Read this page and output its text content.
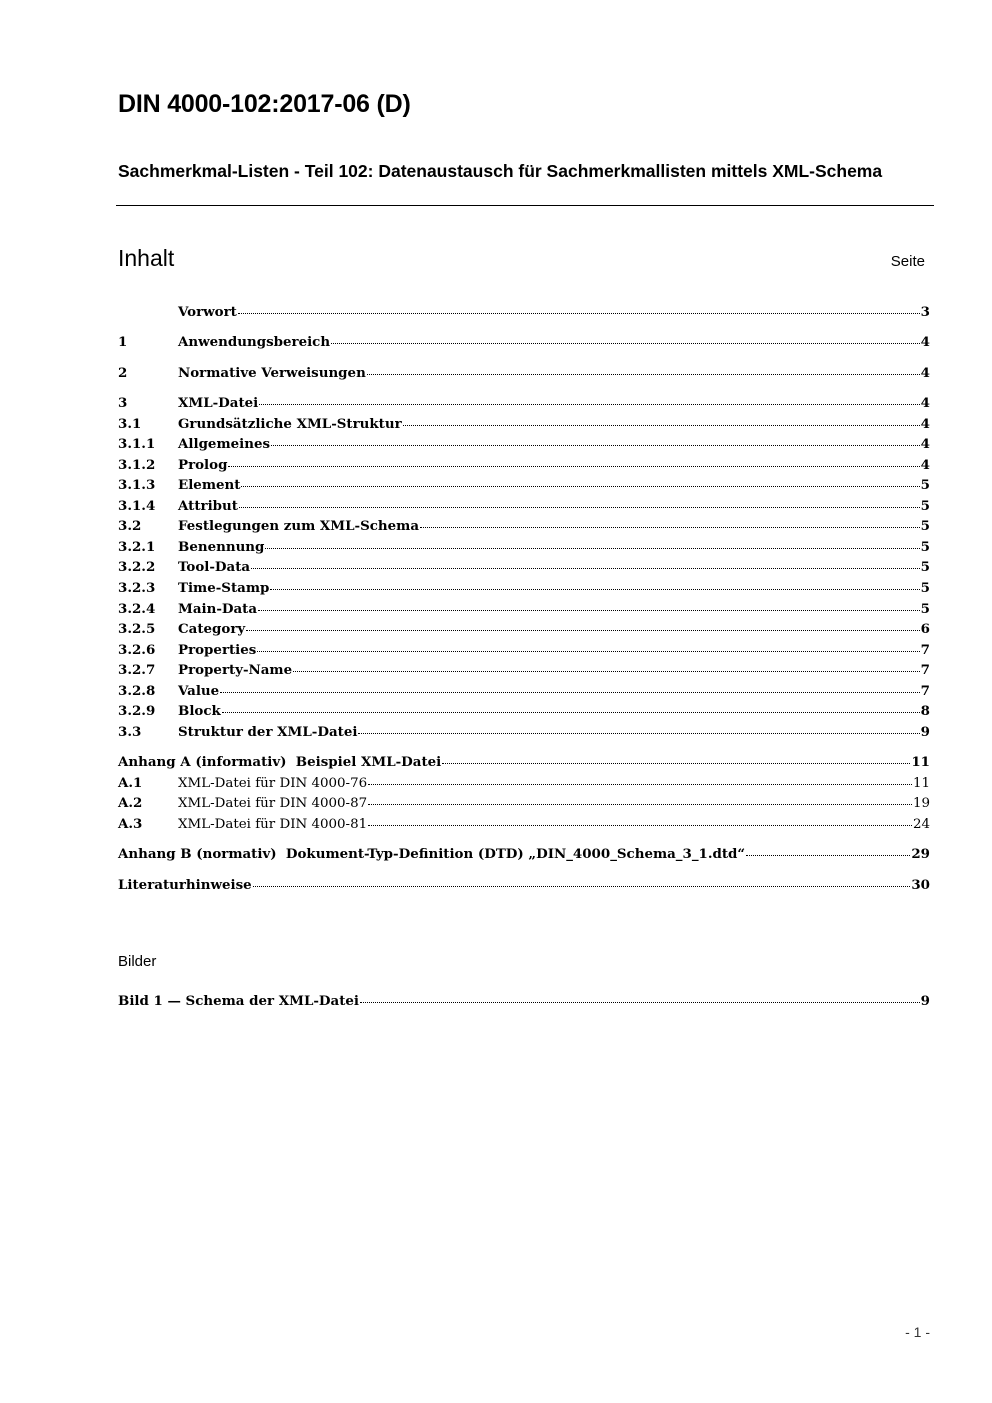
DIN 4000-102:2017-06 (D)
Sachmerkmal-Listen - Teil 102: Datenaustausch für Sachmerkmallisten mittels XML-Schema
Inhalt	Seite
Vorwort	3
1	Anwendungsbereich	4
2	Normative Verweisungen	4
3	XML-Datei	4
3.1	Grundsätzliche XML-Struktur	4
3.1.1	Allgemeines	4
3.1.2	Prolog	4
3.1.3	Element	5
3.1.4	Attribut	5
3.2	Festlegungen zum XML-Schema	5
3.2.1	Benennung	5
3.2.2	Tool-Data	5
3.2.3	Time-Stamp	5
3.2.4	Main-Data	5
3.2.5	Category	6
3.2.6	Properties	7
3.2.7	Property-Name	7
3.2.8	Value	7
3.2.9	Block	8
3.3	Struktur der XML-Datei	9
Anhang A (informativ)  Beispiel XML-Datei	11
A.1	XML-Datei für DIN 4000-76	11
A.2	XML-Datei für DIN 4000-87	19
A.3	XML-Datei für DIN 4000-81	24
Anhang B (normativ)  Dokument-Typ-Definition (DTD) „DIN_4000_Schema_3_1.dtd“	29
Literaturhinweise	30
Bilder
Bild 1 — Schema der XML-Datei	9
- 1 -
